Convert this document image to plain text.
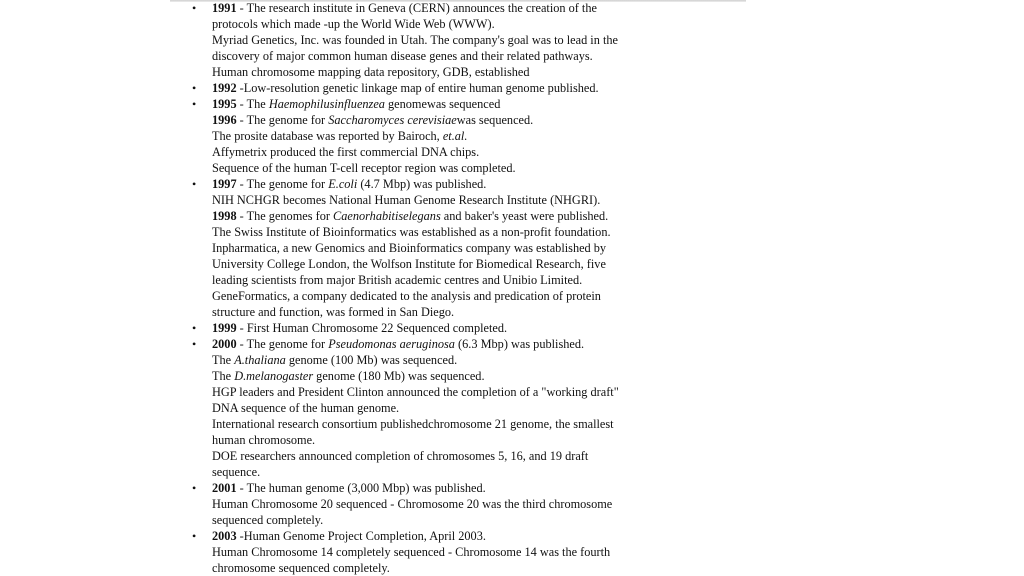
• 1991 - The research institute in Geneva (CERN) announces the creation of the
protocols which made -up the World Wide Web (WWW).
Myriad Genetics, Inc. was founded in Utah. The company's goal was to lead in the
discovery of major common human disease genes and their related pathways.
Human chromosome mapping data repository, GDB, established
• 1992 -Low-resolution genetic linkage map of entire human genome published.
• 1995 - The Haemophilusinfluenzea genomewas sequenced
1996 - The genome for Saccharomyces cerevisiaewas sequenced.
The prosite database was reported by Bairoch, et.al.
Affymetrix produced the first commercial DNA chips.
Sequence of the human T-cell receptor region was completed.
• 1997 - The genome for E.coli (4.7 Mbp) was published.
NIH NCHGR becomes National Human Genome Research Institute (NHGRI).
1998 - The genomes for Caenorhabitiselegans and baker's yeast were published.
The Swiss Institute of Bioinformatics was established as a non-profit foundation.
Inpharmatica, a new Genomics and Bioinformatics company was established by
University College London, the Wolfson Institute for Biomedical Research, five
leading scientists from major British academic centres and Unibio Limited.
GeneFormatics, a company dedicated to the analysis and predication of protein
structure and function, was formed in San Diego.
• 1999 - First Human Chromosome 22 Sequenced completed.
• 2000 - The genome for Pseudomonas aeruginosa (6.3 Mbp) was published.
The A.thaliana genome (100 Mb) was sequenced.
The D.melanogaster genome (180 Mb) was sequenced.
HGP leaders and President Clinton announced the completion of a "working draft"
DNA sequence of the human genome.
International research consortium publishedchromosome 21 genome, the smallest
human chromosome.
DOE researchers announced completion of chromosomes 5, 16, and 19 draft
sequence.
• 2001 - The human genome (3,000 Mbp) was published.
Human Chromosome 20 sequenced - Chromosome 20 was the third chromosome
sequenced completely.
• 2003 -Human Genome Project Completion, April 2003.
Human Chromosome 14 completely sequenced - Chromosome 14 was the fourth
chromosome sequenced completely.
